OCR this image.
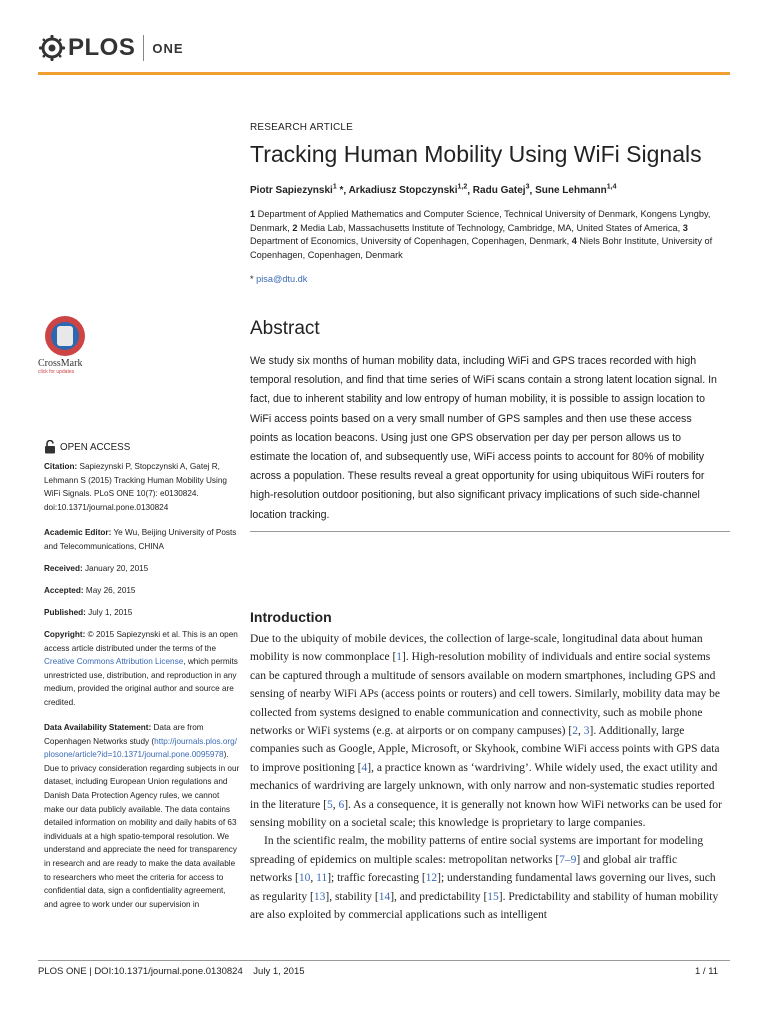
PLOS ONE
RESEARCH ARTICLE
Tracking Human Mobility Using WiFi Signals
Piotr Sapiezynski$^1$ *, Arkadiusz Stopczynski$^{1,2}$, Radu Gatej$^3$, Sune Lehmann$^{1,4}$
1 Department of Applied Mathematics and Computer Science, Technical University of Denmark, Kongens Lyngby, Denmark, 2 Media Lab, Massachusetts Institute of Technology, Cambridge, MA, United States of America, 3 Department of Economics, University of Copenhagen, Copenhagen, Denmark, 4 Niels Bohr Institute, University of Copenhagen, Copenhagen, Denmark
* pisa@dtu.dk
Abstract
We study six months of human mobility data, including WiFi and GPS traces recorded with high temporal resolution, and find that time series of WiFi scans contain a strong latent location signal. In fact, due to inherent stability and low entropy of human mobility, it is possible to assign location to WiFi access points based on a very small number of GPS samples and then use these access points as location beacons. Using just one GPS observation per day per person allows us to estimate the location of, and subsequently use, WiFi access points to account for 80% of mobility across a population. These results reveal a great opportunity for using ubiquitous WiFi routers for high-resolution outdoor positioning, but also significant privacy implications of such side-channel location tracking.
Introduction

Due to the ubiquity of mobile devices, the collection of large-scale, longitudinal data about human mobility is now commonplace [1]. High-resolution mobility of individuals and entire social systems can be captured through a multitude of sensors available on modern smartphones, including GPS and sensing of nearby WiFi APs (access points or routers) and cell towers. Similarly, mobility data may be collected from systems designed to enable communication and connectivity, such as mobile phone networks or WiFi systems (e.g. at airports or on company campuses) [2, 3]. Additionally, large companies such as Google, Apple, Microsoft, or Skyhook, combine WiFi access points with GPS data to improve positioning [4], a practice known as ‘wardriving’. While widely used, the exact utility and mechanics of wardriving are largely unknown, with only narrow and non-systematic studies reported in the literature [5, 6]. As a consequence, it is generally not known how WiFi networks can be used for sensing mobility on a societal scale; this knowledge is proprietary to large companies.

In the scientific realm, the mobility patterns of entire social systems are important for modeling spreading of epidemics on multiple scales: metropolitan networks [7–9] and global air traffic networks [10, 11]; traffic forecasting [12]; understanding fundamental laws governing our lives, such as regularity [13], stability [14], and predictability [15]. Predictability and stability of human mobility are also exploited by commercial applications such as intelligent

CrossMark
click for updates
OPEN ACCESS
Citation: Sapiezynski P, Stopczynski A, Gatej R, Lehmann S (2015) Tracking Human Mobility Using WiFi Signals. PLoS ONE 10(7): e0130824. doi:10.1371/journal.pone.0130824
Academic Editor: Ye Wu, Beijing University of Posts and Telecommunications, CHINA
Received: January 20, 2015
Accepted: May 26, 2015
Published: July 1, 2015
Copyright: © 2015 Sapiezynski et al. This is an open access article distributed under the terms of the Creative Commons Attribution License, which permits unrestricted use, distribution, and reproduction in any medium, provided the original author and source are credited.
Data Availability Statement: Data are from Copenhagen Networks study (http://journals.plos.org/plosone/article?id=10.1371/journal.pone.0095978). Due to privacy consideration regarding subjects in our dataset, including European Union regulations and Danish Data Protection Agency rules, we cannot make our data publicly available. The data contains detailed information on mobility and daily habits of 63 individuals at a high spatio-temporal resolution. We understand and appreciate the need for transparency in research and are ready to make the data available to researchers who meet the criteria for access to confidential data, sign a confidentiality agreement, and agree to work under our supervision in
PLOS ONE | DOI:10.1371/journal.pone.0130824    July 1, 2015	1 / 11
